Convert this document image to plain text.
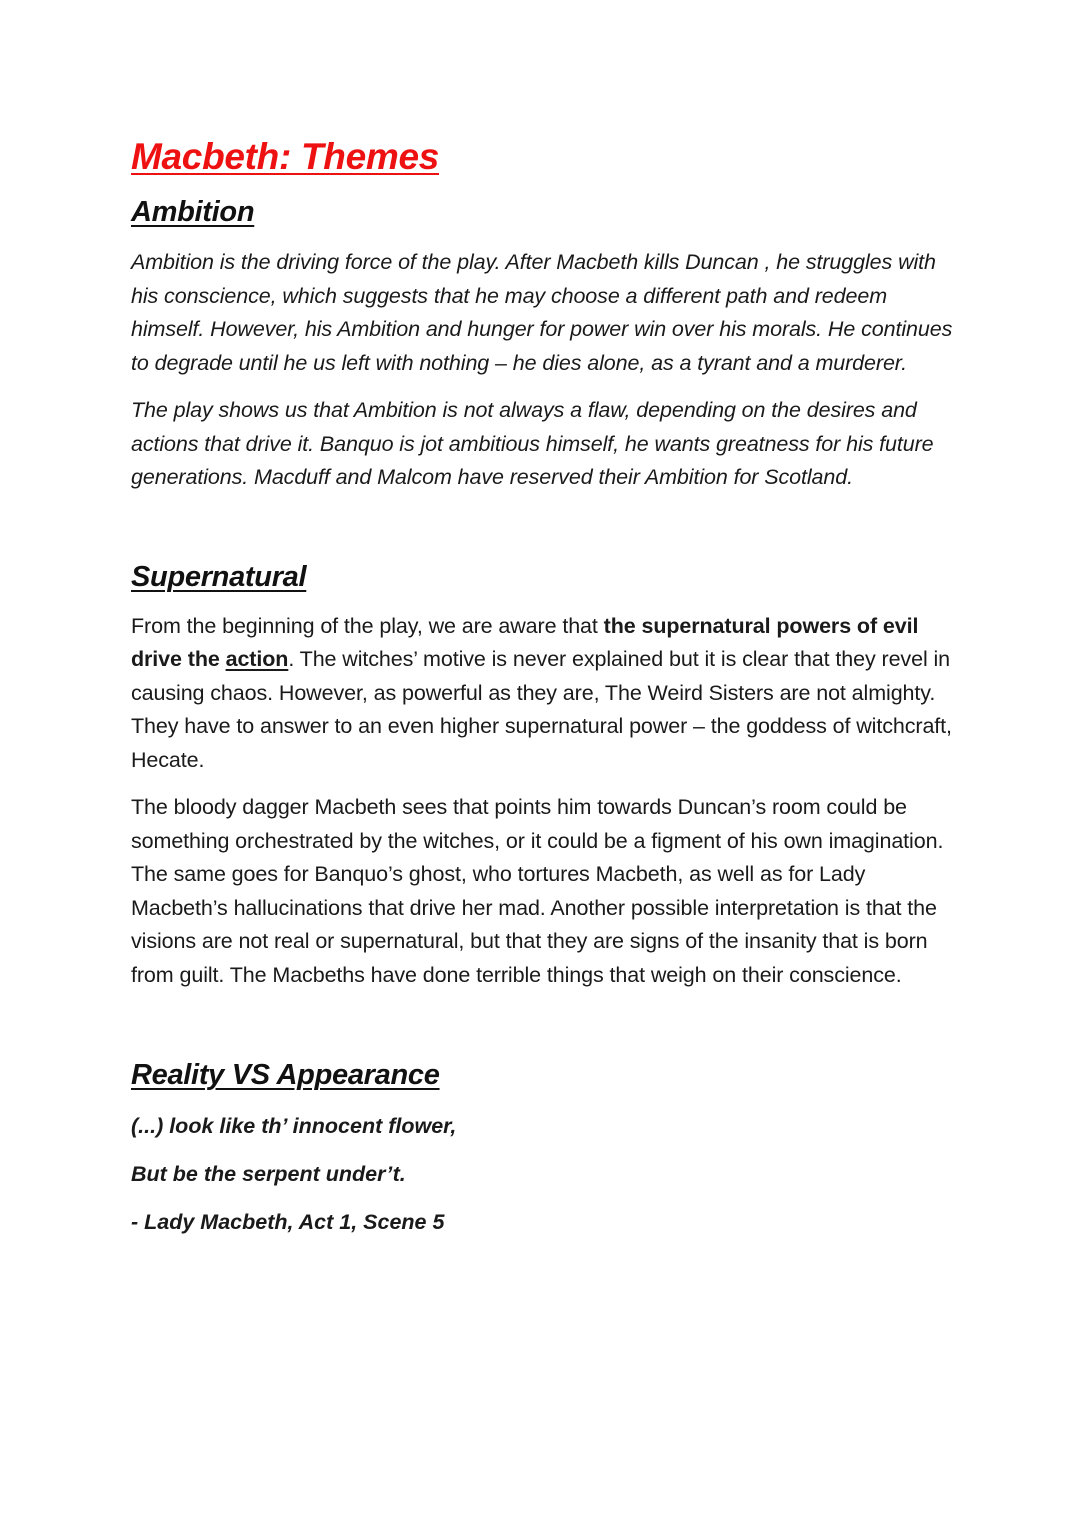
Macbeth: Themes
Ambition

Ambition is the driving force of the play. After Macbeth kills Duncan , he struggles with his conscience, which suggests that he may choose a different path and redeem himself. However, his Ambition and hunger for power win over his morals. He continues to degrade until he us left with nothing – he dies alone, as a tyrant and a murderer.

The play shows us that Ambition is not always a flaw, depending on the desires and actions that drive it. Banquo is jot ambitious himself, he wants greatness for his future generations. Macduff and Malcom have reserved their Ambition for Scotland.

Supernatural

From the beginning of the play, we are aware that the supernatural powers of evil drive the action. The witches’ motive is never explained but it is clear that they revel in causing chaos. However, as powerful as they are, The Weird Sisters are not almighty. They have to answer to an even higher supernatural power – the goddess of witchcraft, Hecate.

The bloody dagger Macbeth sees that points him towards Duncan’s room could be something orchestrated by the witches, or it could be a figment of his own imagination. The same goes for Banquo’s ghost, who tortures Macbeth, as well as for Lady Macbeth’s hallucinations that drive her mad. Another possible interpretation is that the visions are not real or supernatural, but that they are signs of the insanity that is born from guilt. The Macbeths have done terrible things that weigh on their conscience.

Reality VS Appearance

(...) look like th’ innocent flower,

But be the serpent under’t.

- Lady Macbeth, Act 1, Scene 5
